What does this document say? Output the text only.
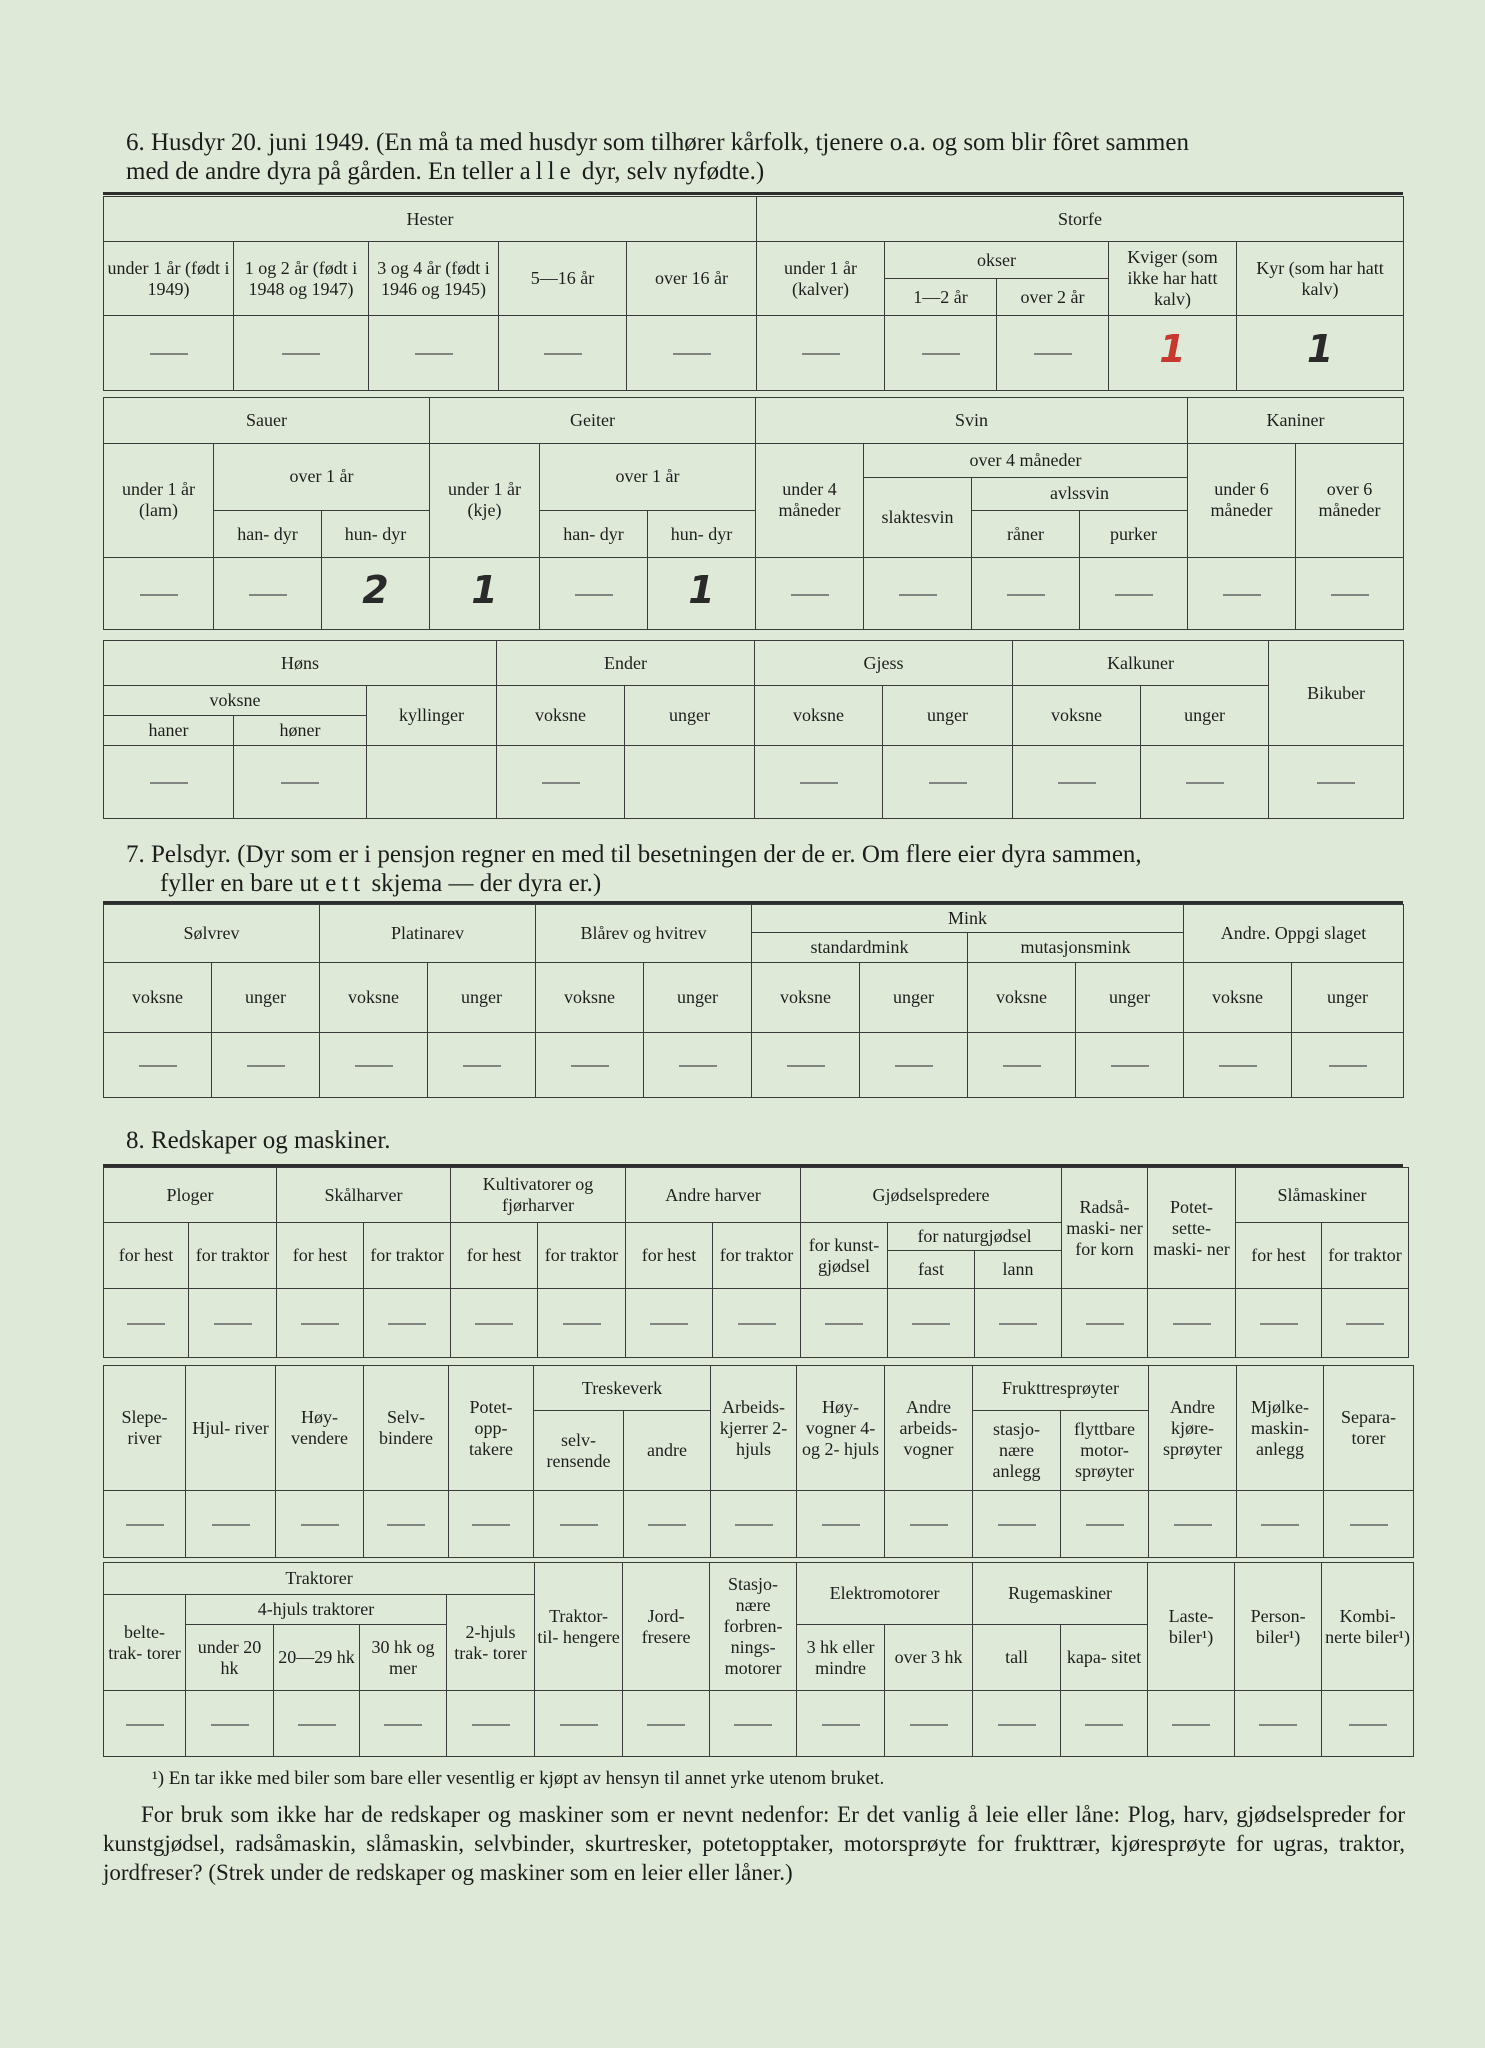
6. Husdyr 20. juni 1949. (En må ta med husdyr som tilhører kårfolk, tjenere o.a. og som blir fôret sammen
med de andre dyra på gården. En teller alle dyr, selv nyfødte.)
Hester					Storfe				
under 1 år (født i 1949)	1 og 2 år (født i 1948 og 1947)	3 og 4 år (født i 1946 og 1945)	5—16 år	over 16 år	under 1 år (kalver)	okser		Kviger (som ikke har hatt kalv)	Kyr (som har hatt kalv)
						1—2 år	over 2 år		
								1	1
Sauer			Geiter			Svin				Kaniner	
under 1 år (lam)	over 1 år		under 1 år (kje)	over 1 år		under 4 måneder	over 4 måneder			under 6 måneder	over 6 måneder
							slaktesvin	avlssvin			
	han- dyr	hun- dyr		han- dyr	hun- dyr			råner	purker		
		2	1		1						
Høns			Ender		Gjess		Kalkuner		Bikuber
voksne		kyllinger	voksne	unger	voksne	unger	voksne	unger	
haner	høner								

7. Pelsdyr. (Dyr som er i pensjon regner en med til besetningen der de er. Om flere eier dyra sammen,
fyller en bare ut ett skjema — der dyra er.)
Sølvrev		Platinarev		Blårev og hvitrev		Mink				Andre. Oppgi slaget	
						standardmink		mutasjonsmink			
voksne	unger	voksne	unger	voksne	unger	voksne	unger	voksne	unger	voksne	unger

8. Redskaper og maskiner.
Ploger		Skålharver		Kultivatorer og fjørharver		Andre harver		Gjødselspredere			Radså- maski- ner for korn	Potet- sette- maski- ner	Slåmaskiner		
for hest	for traktor	for hest	for traktor	for hest	for traktor	for hest	for traktor	for kunst- gjødsel	for naturgjødsel				for hest	for traktor	
									fast	lann					

Slepe- river	Hjul- river	Høy- vendere	Selv- bindere	Potet- opp- takere	Treskeverk		Arbeids- kjerrer 2-hjuls	Høy- vogner 4- og 2- hjuls	Andre arbeids- vogner	Frukttresprøyter		Andre kjøre- sprøyter	Mjølke- maskin- anlegg	Separa- torer
					selv- rensende	andre				stasjo- nære anlegg	flyttbare motor- sprøyter			

Traktorer					Traktor- til- hengere	Jord- fresere	Stasjo- nære forbren- nings- motorer	Elektromotorer		Rugemaskiner		Laste- biler¹)	Person- biler¹)	Kombi- nerte biler¹)
belte- trak- torer	4-hjuls traktorer			2-hjuls trak- torer										
	under 20 hk	20—29 hk	30 hk og mer					3 hk eller mindre	over 3 hk	tall	kapa- sitet			

¹) En tar ikke med biler som bare eller vesentlig er kjøpt av hensyn til annet yrke utenom bruket.
For bruk som ikke har de redskaper og maskiner som er nevnt nedenfor: Er det vanlig å leie eller låne: Plog, harv, gjødselspreder for kunstgjødsel, radsåmaskin, slåmaskin, selvbinder, skurtresker, potetopptaker, motorsprøyte for frukttrær, kjøresprøyte for ugras, traktor, jordfreser? (Strek under de redskaper og maskiner som en leier eller låner.)
